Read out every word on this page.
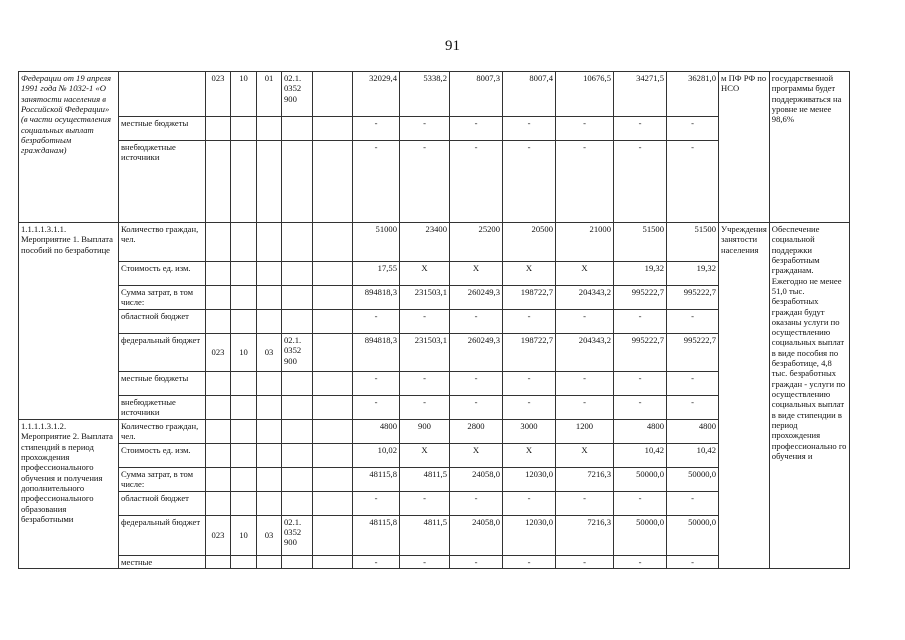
91
Федерации от 19 апреля 1991 года № 1032-1 «О занятости населения в Российской Федерации» (в части осуществления социальных выплат безработным гражданам)		023	10	01	02.1. 0352 900		32029,4	5338,2	8007,3	8007,4	10676,5	34271,5	36281,0	м ПФ РФ по НСО	государственной программы будет поддерживаться на уровне не менее 98,6%
	местные бюджеты						-	-	-	-	-	-	-		
	внебюджетные источники						-	-	-	-	-	-	-		
1.1.1.1.3.1.1. Мероприятие 1. Выплата пособий по безработице	Количество граждан, чел.						51000	23400	25200	20500	21000	51500	51500	Учреждения занятости населения	Обеспечение социальной поддержки безработным гражданам. Ежегодно не менее 51,0 тыс. безработных граждан будут оказаны услуги по осуществлению социальных выплат в виде пособия по безработице, 4,8 тыс. безработных граждан - услуги по осуществлению социальных выплат в виде стипендии в период прохождения профессионально го обучения и
	Стоимость ед. изм.						17,55	X	X	X	X	19,32	19,32		
	Сумма затрат, в том числе:						894818,3	231503,1	260249,3	198722,7	204343,2	995222,7	995222,7		
	областной бюджет						-	-	-	-	-	-	-		
	федеральный бюджет	023	10	03	02.1. 0352 900		894818,3	231503,1	260249,3	198722,7	204343,2	995222,7	995222,7		
	местные бюджеты						-	-	-	-	-	-	-		
	внебюджетные источники						-	-	-	-	-	-	-		
1.1.1.1.3.1.2. Мероприятие 2. Выплата стипендий в период прохождения профессионального обучения и получения дополнительного профессионального образования безработными	Количество граждан, чел.						4800	900	2800	3000	1200	4800	4800		
	Стоимость ед. изм.						10,02	X	X	X	X	10,42	10,42		
	Сумма затрат, в том числе:						48115,8	4811,5	24058,0	12030,0	7216,3	50000,0	50000,0		
	областной бюджет						-	-	-	-	-	-	-		
	федеральный бюджет	023	10	03	02.1. 0352 900		48115,8	4811,5	24058,0	12030,0	7216,3	50000,0	50000,0		
	местные						-	-	-	-	-	-	-		
